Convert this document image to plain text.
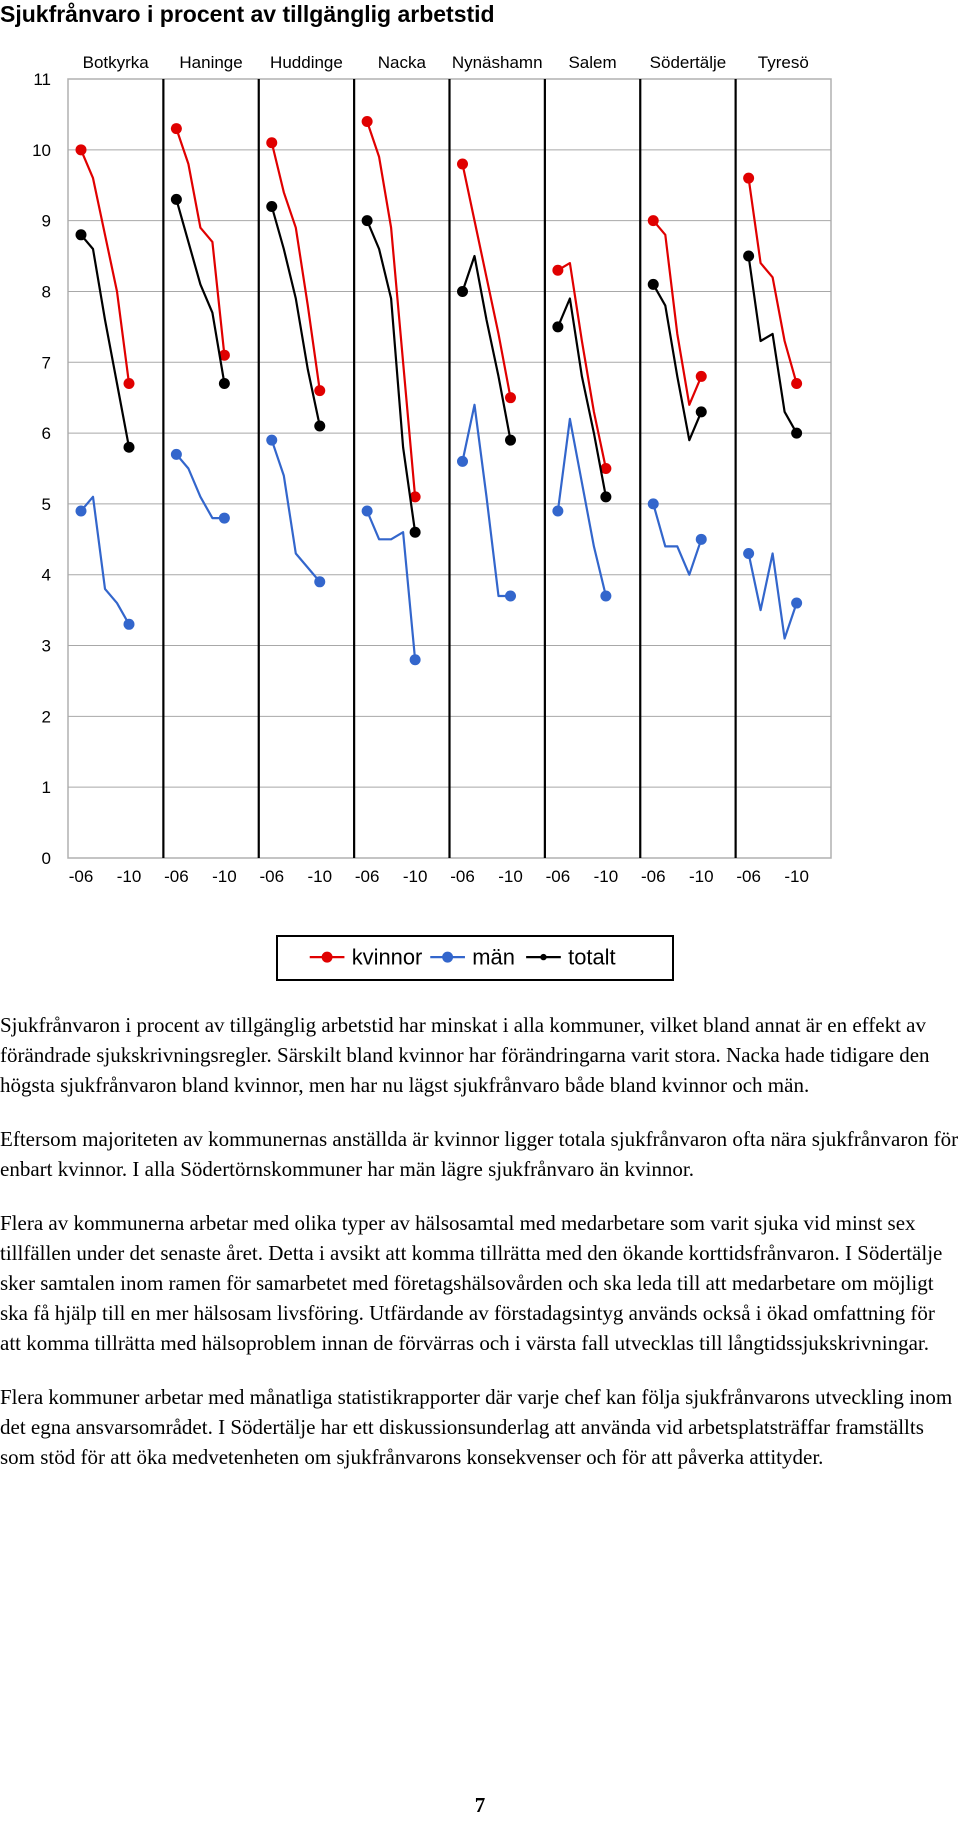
Sjukfrånvaro i procent av tillgänglig arbetstid
0
1
2
3
4
5
6
7
8
9
10
11
Botkyrka
-06 -10
Haninge
-06 -10
Huddinge
-06 -10
Nacka
-06 -10
Nynäshamn
-06 -10
Salem
-06 -10
Södertälje
-06 -10
Tyresö
-06 -10
kvinnor män totalt

Sjukfrånvaron i procent av tillgänglig arbetstid har minskat i alla kommuner, vilket bland annat är en effekt av förändrade sjukskrivningsregler. Särskilt bland kvinnor har förändringarna varit stora. Nacka hade tidigare den högsta sjukfrånvaron bland kvinnor, men har nu lägst sjukfrånvaro både bland kvinnor och män.

Eftersom majoriteten av kommunernas anställda är kvinnor ligger totala sjukfrånvaron ofta nära sjukfrånvaron för enbart kvinnor. I alla Södertörnskommuner har män lägre sjukfrånvaro än kvinnor.

Flera av kommunerna arbetar med olika typer av hälsosamtal med medarbetare som varit sjuka vid minst sex tillfällen under det senaste året. Detta i avsikt att komma tillrätta med den ökande korttidsfrånvaron. I Södertälje sker samtalen inom ramen för samarbetet med företagshälsovården och ska leda till att medarbetare om möjligt ska få hjälp till en mer hälsosam livsföring. Utfärdande av förstadagsintyg används också i ökad omfattning för att komma tillrätta med hälsoproblem innan de förvärras och i värsta fall utvecklas till långtidssjukskrivningar.

Flera kommuner arbetar med månatliga statistikrapporter där varje chef kan följa sjukfrånvarons utveckling inom det egna ansvarsområdet. I Södertälje har ett diskussionsunderlag att använda vid arbetsplatsträffar framställts som stöd för att öka medvetenheten om sjukfrånvarons konsekvenser och för att påverka attityder.

7
